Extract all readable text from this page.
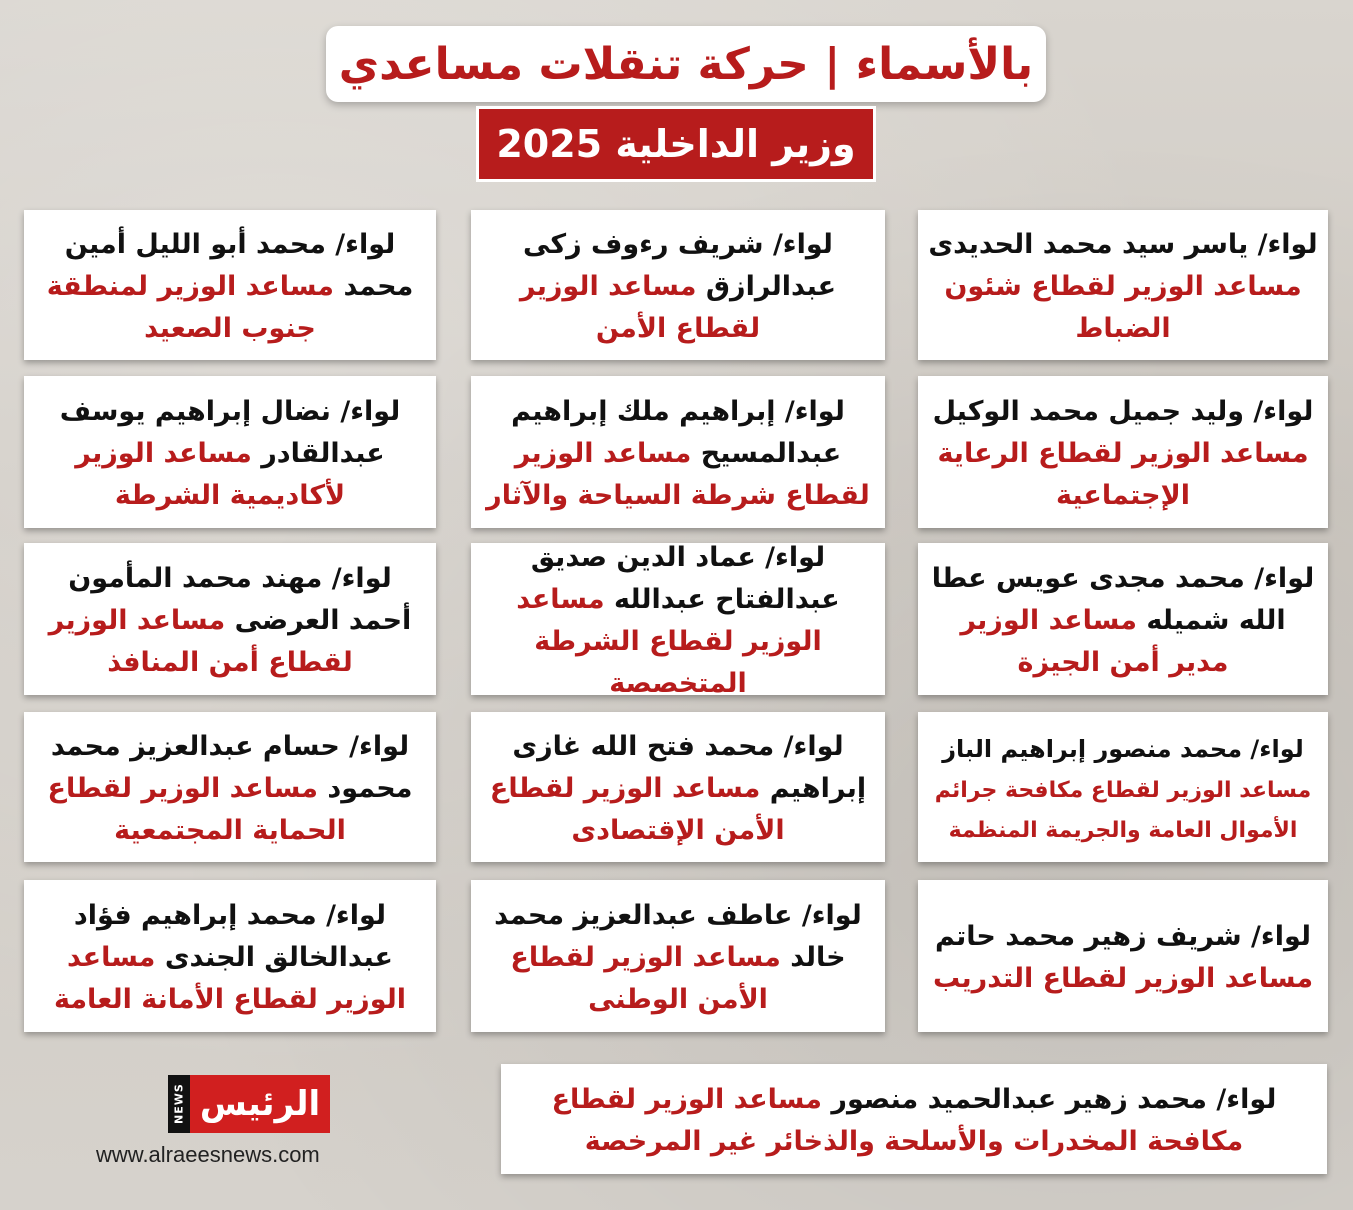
بالأسماء | حركة تنقلات مساعدي
وزير الداخلية 2025

لواء/ ياسر سيد محمد الحديدى مساعد الوزير لقطاع شئون الضباط

لواء/ شريف رءوف زكى عبدالرازق مساعد الوزير لقطاع الأمن

لواء/ محمد أبو الليل أمين محمد مساعد الوزير لمنطقة جنوب الصعيد

لواء/ وليد جميل محمد الوكيل مساعد الوزير لقطاع الرعاية الإجتماعية

لواء/ إبراهيم ملك إبراهيم عبدالمسيح مساعد الوزير لقطاع شرطة السياحة والآثار

لواء/ نضال إبراهيم يوسف عبدالقادر مساعد الوزير لأكاديمية الشرطة

لواء/ محمد مجدى عويس عطا الله شميله مساعد الوزير مدير أمن الجيزة

لواء/ عماد الدين صديق عبدالفتاح عبدالله مساعد الوزير لقطاع الشرطة المتخصصة

لواء/ مهند محمد المأمون أحمد العرضى مساعد الوزير لقطاع أمن المنافذ

لواء/ محمد منصور إبراهيم الباز
مساعد الوزير لقطاع مكافحة جرائم الأموال العامة والجريمة المنظمة

لواء/ محمد فتح الله غازى إبراهيم مساعد الوزير لقطاع الأمن الإقتصادى

لواء/ حسام عبدالعزيز محمد محمود مساعد الوزير لقطاع الحماية المجتمعية

لواء/ شريف زهير محمد حاتم
مساعد الوزير لقطاع التدريب

لواء/ عاطف عبدالعزيز محمد خالد مساعد الوزير لقطاع الأمن الوطنى

لواء/ محمد إبراهيم فؤاد عبدالخالق الجندى مساعد الوزير لقطاع الأمانة العامة

لواء/ محمد زهير عبدالحميد منصور مساعد الوزير لقطاع مكافحة المخدرات والأسلحة والذخائر غير المرخصة

NEWS الرئيس
www.alraeesnews.com
